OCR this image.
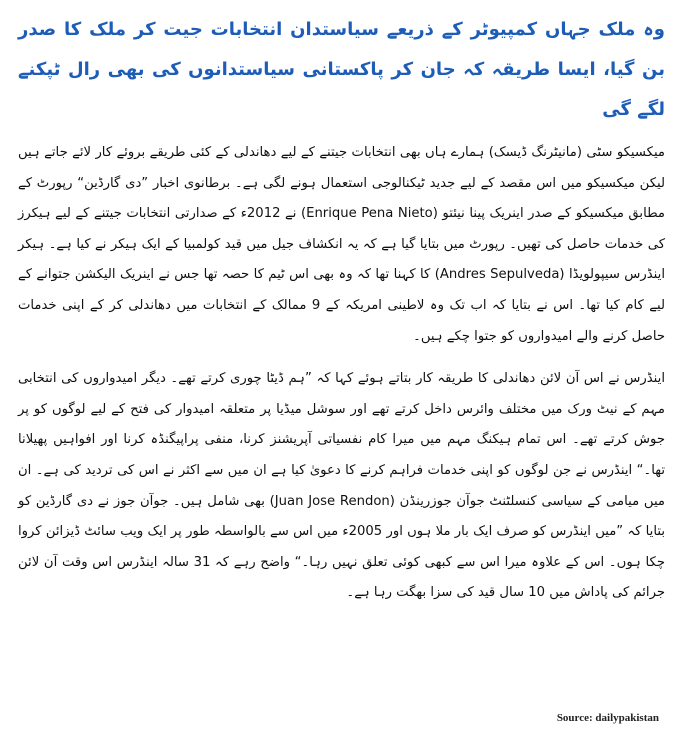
وہ ملک جہاں کمپیوٹر کے ذریعے سیاستدان انتخابات جیت کر ملک کا صدر بن گیا، ایسا طریقہ کہ جان کر پاکستانی سیاستدانوں کی بھی رال ٹپکنے لگے گی

میکسیکو سٹی (مانیٹرنگ ڈیسک) ہمارے ہاں بھی انتخابات جیتنے کے لیے دھاندلی کے کئی طریقے بروئے کار لائے جاتے ہیں لیکن میکسیکو میں اس مقصد کے لیے جدید ٹیکنالوجی استعمال ہونے لگی ہے۔ برطانوی اخبار ”دی گارڈین“ رپورٹ کے مطابق میکسیکو کے صدر اینریک پینا نیئتو (Enrique Pena Nieto) نے 2012ء کے صدارتی انتخابات جیتنے کے لیے ہیکرز کی خدمات حاصل کی تھیں۔ رپورٹ میں بتایا گیا ہے کہ یہ انکشاف جیل میں قید کولمبیا کے ایک ہیکر نے کیا ہے۔ ہیکر اینڈرس سیپولویڈا (Andres Sepulveda) کا کہنا تھا کہ وہ بھی اس ٹیم کا حصہ تھا جس نے اینریک الیکشن جتوانے کے لیے کام کیا تھا۔ اس نے بتایا کہ اب تک وہ لاطینی امریکہ کے 9 ممالک کے انتخابات میں دھاندلی کر کے اپنی خدمات حاصل کرنے والے امیدواروں کو جتوا چکے ہیں۔

اینڈرس نے اس آن لائن دھاندلی کا طریقہ کار بتاتے ہوئے کہا کہ ”ہم ڈیٹا چوری کرتے تھے۔ دیگر امیدواروں کی انتخابی مہم کے نیٹ ورک میں مختلف وائرس داخل کرتے تھے اور سوشل میڈیا پر متعلقہ امیدوار کی فتح کے لیے لوگوں کو پر جوش کرتے تھے۔ اس تمام ہیکنگ مہم میں میرا کام نفسیاتی آپریشنز کرنا، منفی پراپیگنڈہ کرنا اور افواہیں پھیلانا تھا۔“ اینڈرس نے جن لوگوں کو اپنی خدمات فراہم کرنے کا دعویٰ کیا ہے ان میں سے اکثر نے اس کی تردید کی ہے۔ ان میں میامی کے سیاسی کنسلٹنٹ جوآن جوزرینڈن (Juan Jose Rendon) بھی شامل ہیں۔ جوآن جوز نے دی گارڈین کو بتایا کہ ”میں اینڈرس کو صرف ایک بار ملا ہوں اور 2005ء میں اس سے بالواسطہ طور پر ایک ویب سائٹ ڈیزائن کروا چکا ہوں۔ اس کے علاوہ میرا اس سے کبھی کوئی تعلق نہیں رہا۔“ واضح رہے کہ 31 سالہ اینڈرس اس وقت آن لائن جرائم کی پاداش میں 10 سال قید کی سزا بھگت رہا ہے۔

Source: dailypakistan
